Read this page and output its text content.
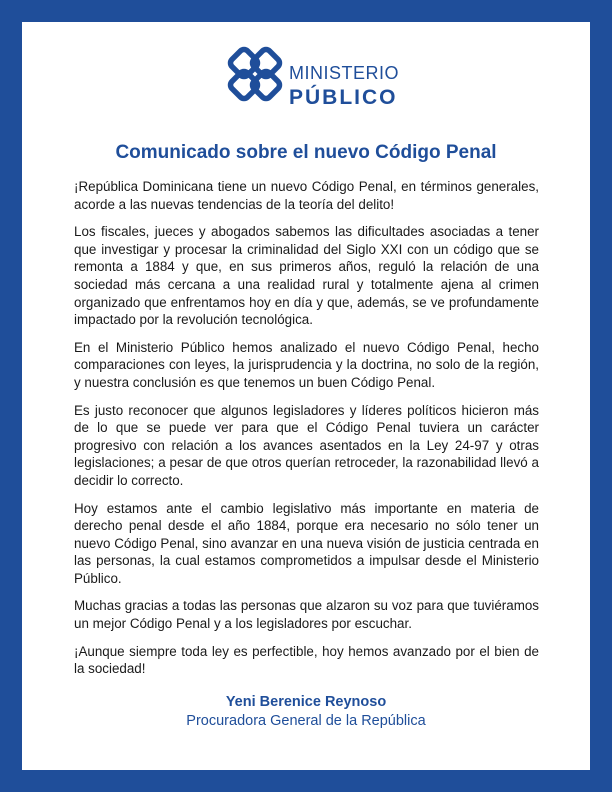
MINISTERIO
PÚBLICO
Comunicado sobre el nuevo Código Penal

¡República Dominicana tiene un nuevo Código Penal, en términos generales, acorde a las nuevas tendencias de la teoría del delito!

Los fiscales, jueces y abogados sabemos las dificultades asociadas a tener que investigar y procesar la criminalidad del Siglo XXI con un código que se remonta a 1884 y que, en sus primeros años, reguló la relación de una sociedad más cercana a una realidad rural y totalmente ajena al crimen organizado que enfrentamos hoy en día y que, además, se ve profundamente impactado por la revolución tecnológica.

En el Ministerio Público hemos analizado el nuevo Código Penal, hecho comparaciones con leyes, la jurisprudencia y la doctrina, no solo de la región, y nuestra conclusión es que tenemos un buen Código Penal.

Es justo reconocer que algunos legisladores y líderes políticos hicieron más de lo que se puede ver para que el Código Penal tuviera un carácter progresivo con relación a los avances asentados en la Ley 24-97 y otras legislaciones; a pesar de que otros querían retroceder, la razonabilidad llevó a decidir lo correcto.

Hoy estamos ante el cambio legislativo más importante en materia de derecho penal desde el año 1884, porque era necesario no sólo tener un nuevo Código Penal, sino avanzar en una nueva visión de justicia centrada en las personas, la cual estamos comprometidos a impulsar desde el Ministerio Público.

Muchas gracias a todas las personas que alzaron su voz para que tuviéramos un mejor Código Penal y a los legisladores por escuchar.

¡Aunque siempre toda ley es perfectible, hoy hemos avanzado por el bien de la sociedad!

Yeni Berenice Reynoso
Procuradora General de la República
